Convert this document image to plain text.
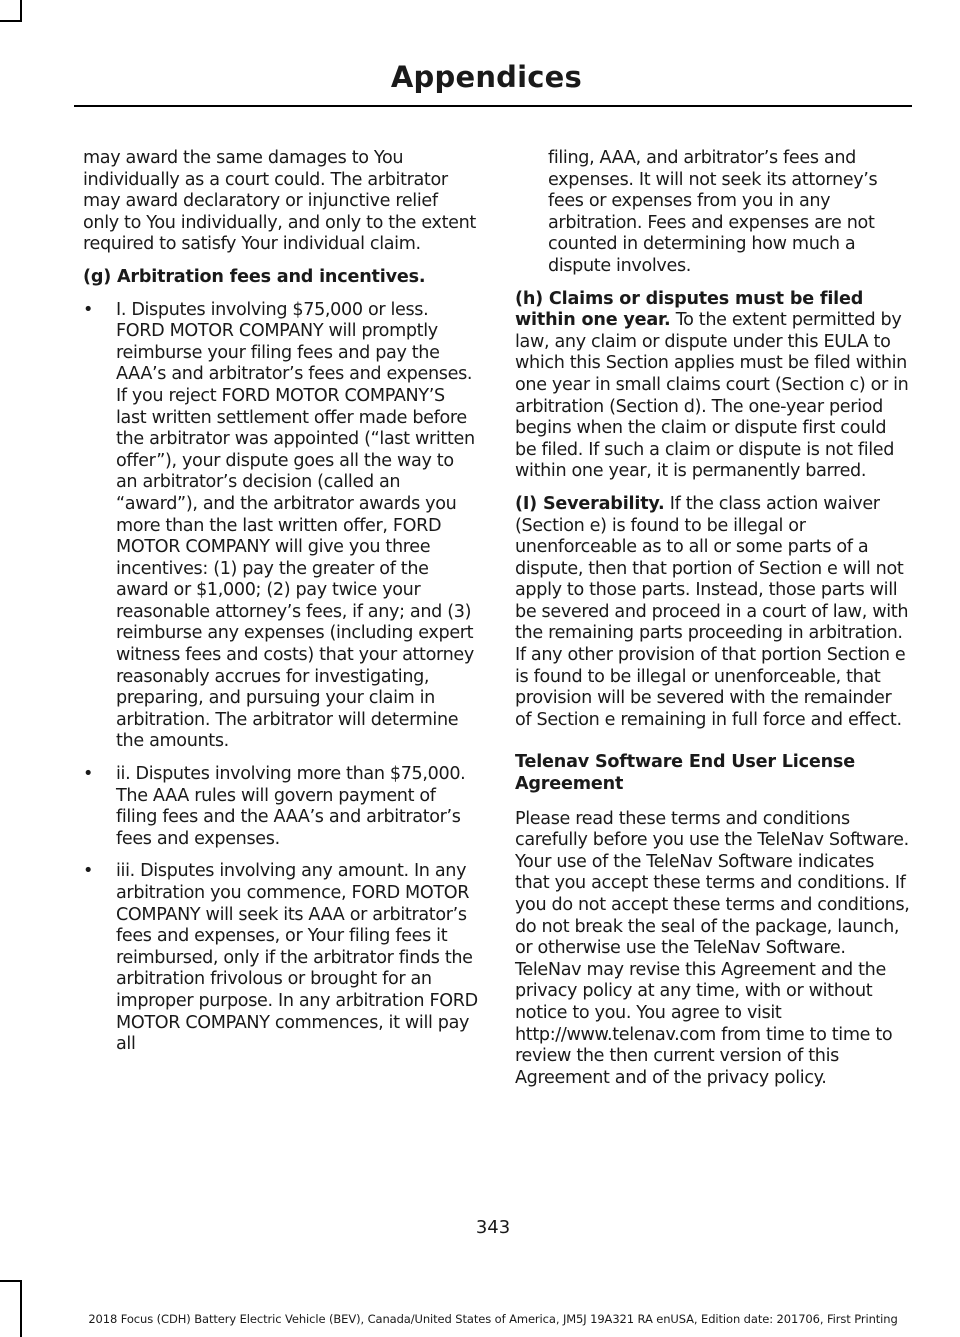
Appendices

may award the same damages to You individually as a court could. The arbitrator may award declaratory or injunctive relief only to You individually, and only to the extent required to satisfy Your individual claim.

(g) Arbitration fees and incentives.

• I. Disputes involving $75,000 or less. FORD MOTOR COMPANY will promptly reimburse your filing fees and pay the AAA’s and arbitrator’s fees and expenses. If you reject FORD MOTOR COMPANY’S last written settlement offer made before the arbitrator was appointed (“last written offer”), your dispute goes all the way to an arbitrator’s decision (called an “award”), and the arbitrator awards you more than the last written offer, FORD MOTOR COMPANY will give you three incentives: (1) pay the greater of the award or $1,000; (2) pay twice your reasonable attorney’s fees, if any; and (3) reimburse any expenses (including expert witness fees and costs) that your attorney reasonably accrues for investigating, preparing, and pursuing your claim in arbitration. The arbitrator will determine the amounts.
• ii. Disputes involving more than $75,000. The AAA rules will govern payment of filing fees and the AAA’s and arbitrator’s fees and expenses.
• iii. Disputes involving any amount. In any arbitration you commence, FORD MOTOR COMPANY will seek its AAA or arbitrator’s fees and expenses, or Your filing fees it reimbursed, only if the arbitrator finds the arbitration frivolous or brought for an improper purpose. In any arbitration FORD MOTOR COMPANY commences, it will pay all

filing, AAA, and arbitrator’s fees and expenses. It will not seek its attorney’s fees or expenses from you in any arbitration. Fees and expenses are not counted in determining how much a dispute involves.

(h) Claims or disputes must be filed within one year. To the extent permitted by law, any claim or dispute under this EULA to which this Section applies must be filed within one year in small claims court (Section c) or in arbitration (Section d). The one-year period begins when the claim or dispute first could be filed. If such a claim or dispute is not filed within one year, it is permanently barred.

(I) Severability. If the class action waiver (Section e) is found to be illegal or unenforceable as to all or some parts of a dispute, then that portion of Section e will not apply to those parts. Instead, those parts will be severed and proceed in a court of law, with the remaining parts proceeding in arbitration. If any other provision of that portion Section e is found to be illegal or unenforceable, that provision will be severed with the remainder of Section e remaining in full force and effect.

Telenav Software End User License Agreement

Please read these terms and conditions carefully before you use the TeleNav Software. Your use of the TeleNav Software indicates that you accept these terms and conditions. If you do not accept these terms and conditions, do not break the seal of the package, launch, or otherwise use the TeleNav Software. TeleNav may revise this Agreement and the privacy policy at any time, with or without notice to you. You agree to visit http://www.telenav.com from time to time to review the then current version of this Agreement and of the privacy policy.

343
2018 Focus (CDH) Battery Electric Vehicle (BEV), Canada/United States of America, JM5J 19A321 RA enUSA, Edition date: 201706, First Printing
